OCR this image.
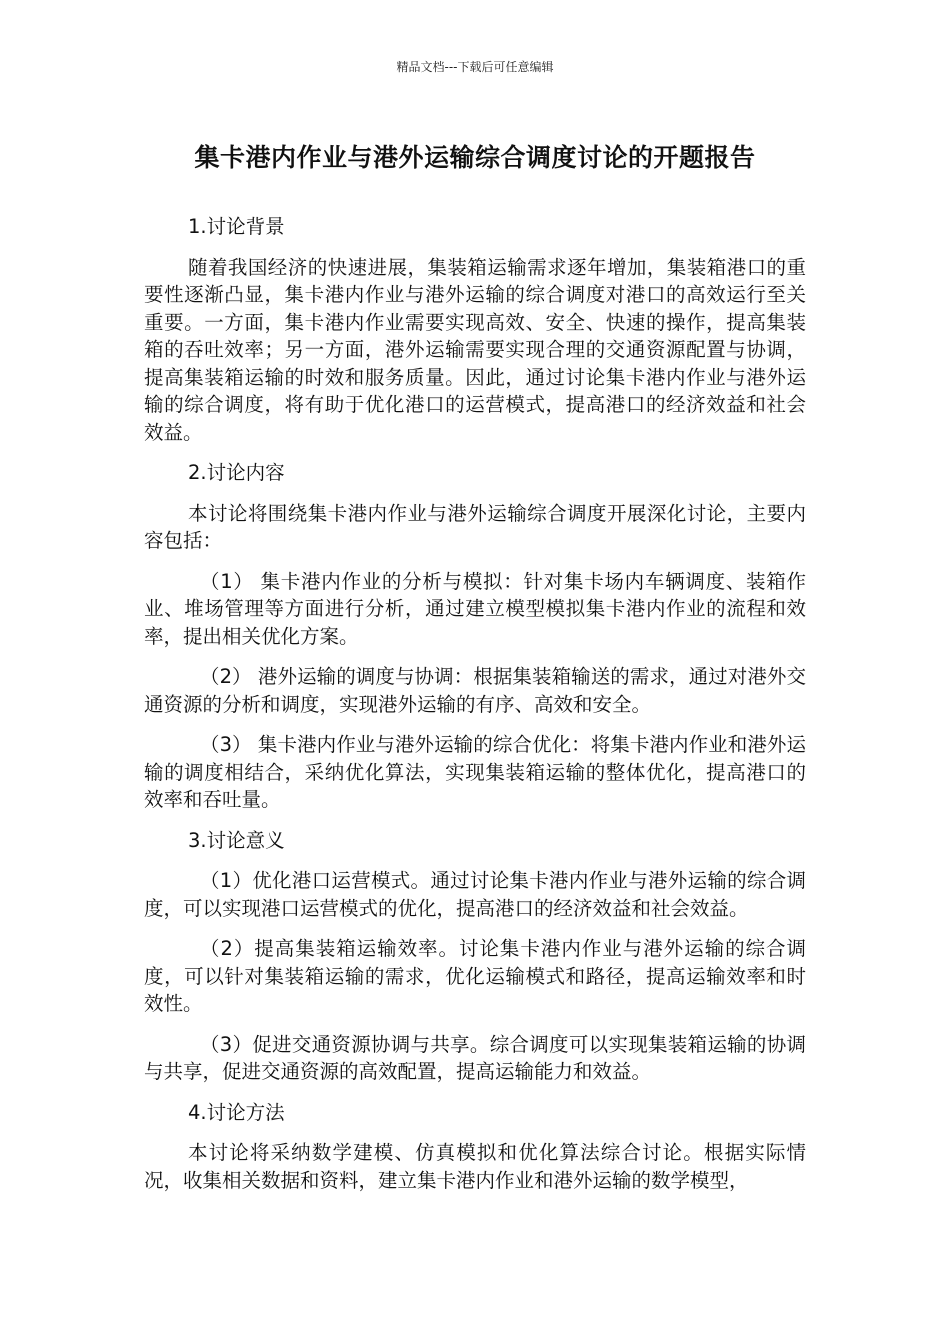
精品文档---下载后可任意编辑
集卡港内作业与港外运输综合调度讨论的开题报告

1.讨论背景

随着我国经济的快速进展，集装箱运输需求逐年增加，集装箱港口的重要性逐渐凸显，集卡港内作业与港外运输的综合调度对港口的高效运行至关重要。一方面，集卡港内作业需要实现高效、安全、快速的操作，提高集装箱的吞吐效率；另一方面，港外运输需要实现合理的交通资源配置与协调，提高集装箱运输的时效和服务质量。因此，通过讨论集卡港内作业与港外运输的综合调度，将有助于优化港口的运营模式，提高港口的经济效益和社会效益。

2.讨论内容

本讨论将围绕集卡港内作业与港外运输综合调度开展深化讨论，主要内容包括：

（1） 集卡港内作业的分析与模拟：针对集卡场内车辆调度、装箱作业、堆场管理等方面进行分析，通过建立模型模拟集卡港内作业的流程和效率，提出相关优化方案。

（2） 港外运输的调度与协调：根据集装箱输送的需求，通过对港外交通资源的分析和调度，实现港外运输的有序、高效和安全。

（3） 集卡港内作业与港外运输的综合优化：将集卡港内作业和港外运输的调度相结合，采纳优化算法，实现集装箱运输的整体优化，提高港口的效率和吞吐量。

3.讨论意义

（1）优化港口运营模式。通过讨论集卡港内作业与港外运输的综合调度，可以实现港口运营模式的优化，提高港口的经济效益和社会效益。

（2）提高集装箱运输效率。讨论集卡港内作业与港外运输的综合调度，可以针对集装箱运输的需求，优化运输模式和路径，提高运输效率和时效性。

（3）促进交通资源协调与共享。综合调度可以实现集装箱运输的协调与共享，促进交通资源的高效配置，提高运输能力和效益。

4.讨论方法

本讨论将采纳数学建模、仿真模拟和优化算法综合讨论。根据实际情况，收集相关数据和资料，建立集卡港内作业和港外运输的数学模型，
